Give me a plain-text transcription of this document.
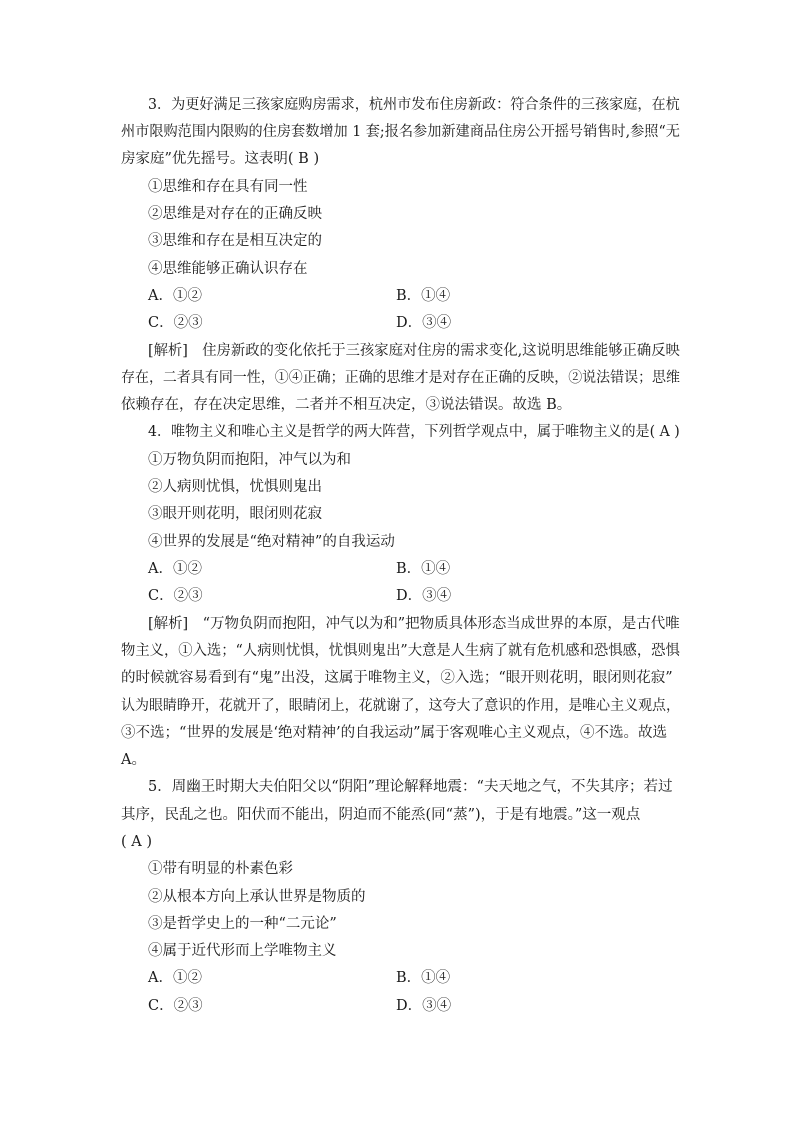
3．为更好满足三孩家庭购房需求，杭州市发布住房新政：符合条件的三孩家庭，在杭
州市限购范围内限购的住房套数增加 1 套;报名参加新建商品住房公开摇号销售时,参照“无
房家庭”优先摇号。这表明( B )
①思维和存在具有同一性
②思维是对存在的正确反映
③思维和存在是相互决定的
④思维能够正确认识存在
A．①②	B．①④
C．②③	D．③④
[解析]　住房新政的变化依托于三孩家庭对住房的需求变化,这说明思维能够正确反映
存在，二者具有同一性，①④正确；正确的思维才是对存在正确的反映，②说法错误；思维
依赖存在，存在决定思维，二者并不相互决定，③说法错误。故选 B。
4．唯物主义和唯心主义是哲学的两大阵营，下列哲学观点中，属于唯物主义的是( A )
①万物负阴而抱阳，冲气以为和
②人病则忧惧，忧惧则鬼出
③眼开则花明，眼闭则花寂
④世界的发展是“绝对精神”的自我运动
A．①②	B．①④
C．②③	D．③④
[解析]　“万物负阴而抱阳，冲气以为和”把物质具体形态当成世界的本原，是古代唯
物主义，①入选；“人病则忧惧，忧惧则鬼出”大意是人生病了就有危机感和恐惧感，恐惧
的时候就容易看到有“鬼”出没，这属于唯物主义，②入选；“眼开则花明，眼闭则花寂”
认为眼睛睁开，花就开了，眼睛闭上，花就谢了，这夸大了意识的作用，是唯心主义观点，
③不选；“世界的发展是‘绝对精神’的自我运动”属于客观唯心主义观点，④不选。故选
A。
5．周幽王时期大夫伯阳父以“阴阳”理论解释地震：“夫天地之气，不失其序；若过
其序，民乱之也。阳伏而不能出，阴迫而不能烝(同“蒸”)，于是有地震。”这一观点
( A )
①带有明显的朴素色彩
②从根本方向上承认世界是物质的
③是哲学史上的一种“二元论”
④属于近代形而上学唯物主义
A．①②	B．①④
C．②③	D．③④
